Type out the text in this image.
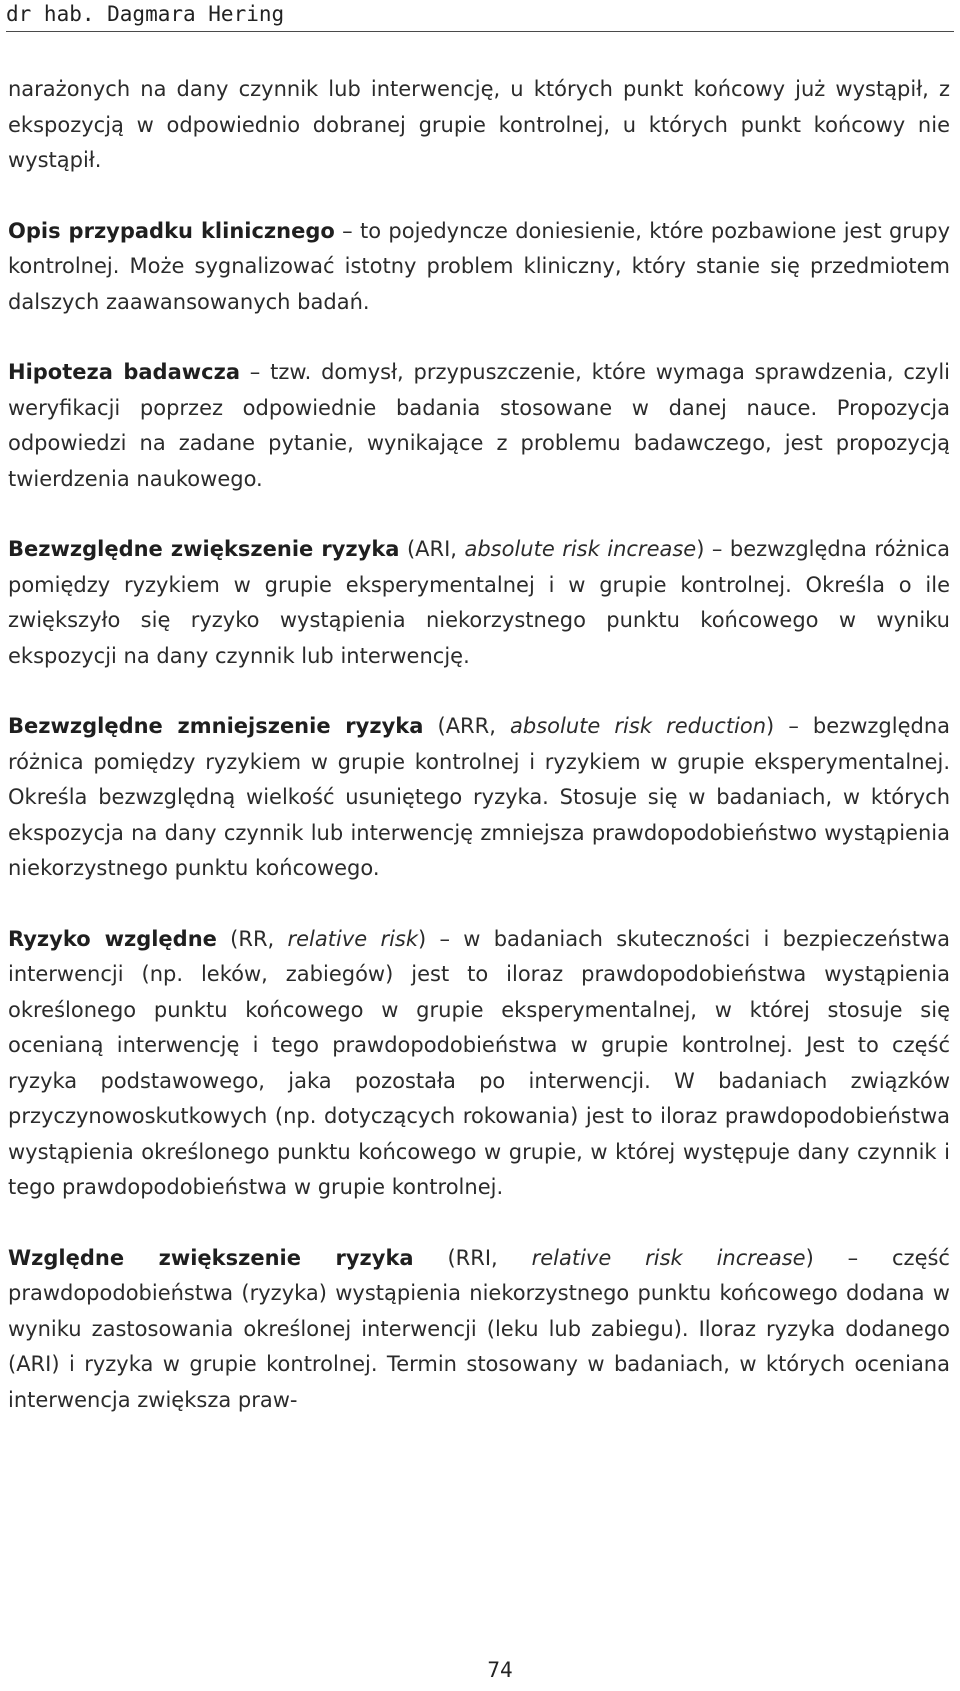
dr hab. Dagmara Hering

narażonych na dany czynnik lub interwencję, u których punkt końcowy już wystąpił, z ekspozycją w odpowiednio dobranej grupie kontrolnej, u których punkt końcowy nie wystąpił.

Opis przypadku klinicznego – to pojedyncze doniesienie, które pozbawione jest grupy kontrolnej. Może sygnalizować istotny problem kliniczny, który stanie się przedmiotem dalszych zaawansowanych badań.

Hipoteza badawcza – tzw. domysł, przypuszczenie, które wymaga sprawdzenia, czyli weryfikacji poprzez odpowiednie badania stosowane w danej nauce. Propozycja odpowiedzi na zadane pytanie, wynikające z problemu badawczego, jest propozycją twierdzenia naukowego.

Bezwzględne zwiększenie ryzyka (ARI, absolute risk increase) – bezwzględna różnica pomiędzy ryzykiem w grupie eksperymentalnej i w grupie kontrolnej. Określa o ile zwiększyło się ryzyko wystąpienia niekorzystnego punktu końcowego w wyniku ekspozycji na dany czynnik lub interwencję.

Bezwzględne zmniejszenie ryzyka (ARR, absolute risk reduction) – bezwzględna różnica pomiędzy ryzykiem w grupie kontrolnej i ryzykiem w grupie eksperymentalnej. Określa bezwzględną wielkość usuniętego ryzyka. Stosuje się w badaniach, w których ekspozycja na dany czynnik lub interwencję zmniejsza prawdopodobieństwo wystąpienia niekorzystnego punktu końcowego.

Ryzyko względne (RR, relative risk) – w badaniach skuteczności i bezpieczeństwa interwencji (np. leków, zabiegów) jest to iloraz prawdopodobieństwa wystąpienia określonego punktu końcowego w grupie eksperymentalnej, w której stosuje się ocenianą interwencję i tego prawdopodobieństwa w grupie kontrolnej. Jest to część ryzyka podstawowego, jaka pozostała po interwencji. W badaniach związków przyczynowoskutkowych (np. dotyczących rokowania) jest to iloraz prawdopodobieństwa wystąpienia określonego punktu końcowego w grupie, w której występuje dany czynnik i tego prawdopodobieństwa w grupie kontrolnej.

Względne zwiększenie ryzyka (RRI, relative risk increase) – część prawdopodobieństwa (ryzyka) wystąpienia niekorzystnego punktu końcowego dodana w wyniku zastosowania określonej interwencji (leku lub zabiegu). Iloraz ryzyka dodanego (ARI) i ryzyka w grupie kontrolnej. Termin stosowany w badaniach, w których oceniana interwencja zwiększa praw-

74
